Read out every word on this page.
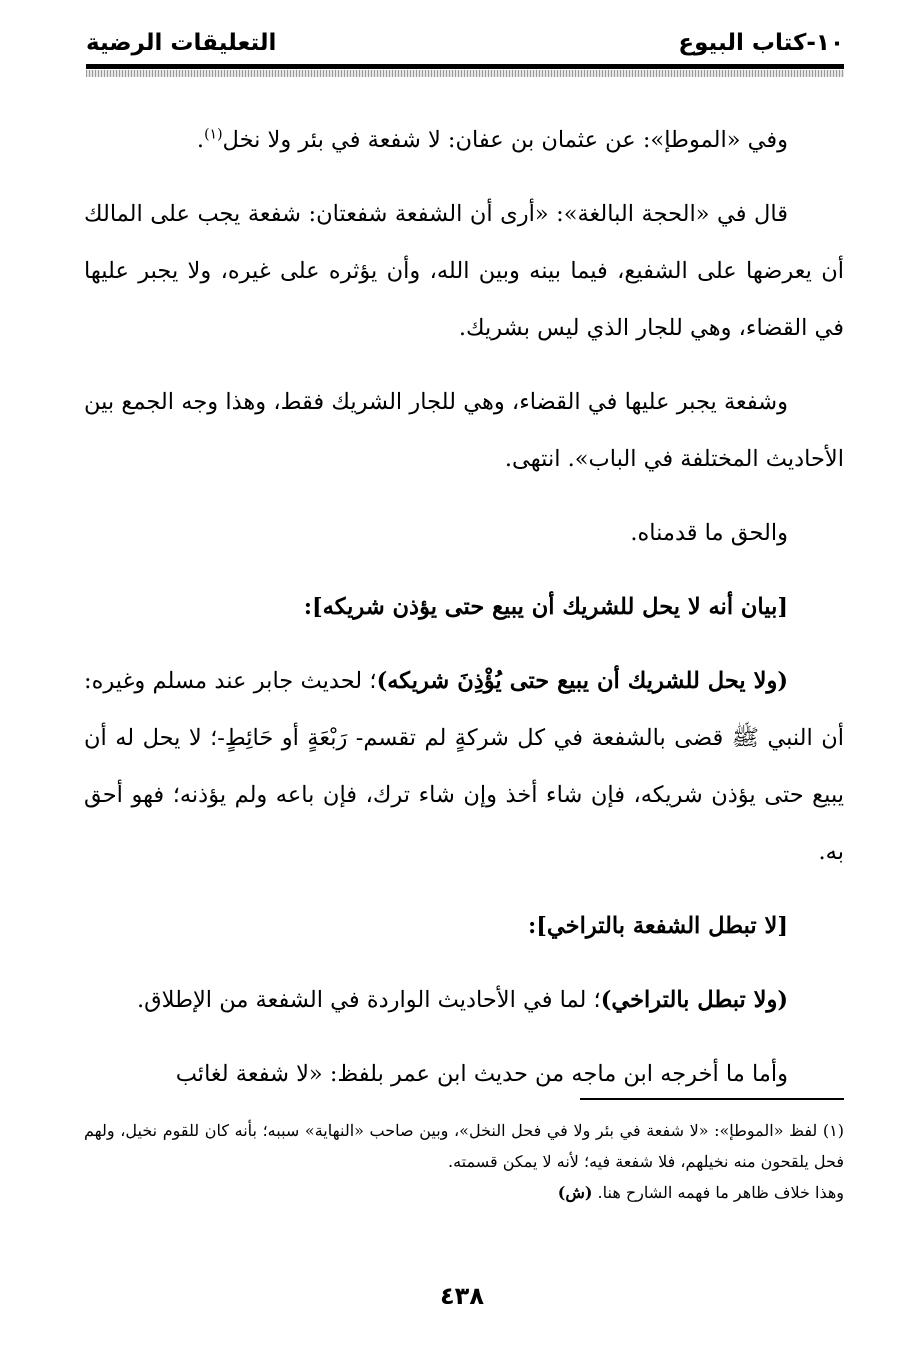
١٠-كتاب البيوع
التعليقات الرضية

وفي «الموطإ»: عن عثمان بن عفان: لا شفعة في بئر ولا نخل$^{(١)}$.

قال في «الحجة البالغة»: «أرى أن الشفعة شفعتان: شفعة يجب على المالك أن يعرضها على الشفيع، فيما بينه وبين الله، وأن يؤثره على غيره، ولا يجبر عليها في القضاء، وهي للجار الذي ليس بشريك.

وشفعة يجبر عليها في القضاء، وهي للجار الشريك فقط، وهذا وجه الجمع بين الأحاديث المختلفة في الباب». انتهى.

والحق ما قدمناه.

[بيان أنه لا يحل للشريك أن يبيع حتى يؤذن شريكه]:

(ولا يحل للشريك أن يبيع حتى يُؤْذِنَ شريكه)؛ لحديث جابر عند مسلم وغيره: أن النبي ﷺ قضى بالشفعة في كل شركةٍ لم تقسم- رَبْعَةٍ أو حَائِطٍ-؛ لا يحل له أن يبيع حتى يؤذن شريكه، فإن شاء أخذ وإن شاء ترك، فإن باعه ولم يؤذنه؛ فهو أحق به.

[لا تبطل الشفعة بالتراخي]:

(ولا تبطل بالتراخي)؛ لما في الأحاديث الواردة في الشفعة من الإطلاق.

وأما ما أخرجه ابن ماجه من حديث ابن عمر بلفظ: «لا شفعة لغائب

(١) لفظ «الموطإ»: «لا شفعة في بئر ولا في فحل النخل»، وبين صاحب «النهاية» سببه؛ بأنه كان للقوم نخيل، ولهم فحل يلقحون منه نخيلهم، فلا شفعة فيه؛ لأنه لا يمكن قسمته.

وهذا خلاف ظاهر ما فهمه الشارح هنا. (ش)

٤٣٨
